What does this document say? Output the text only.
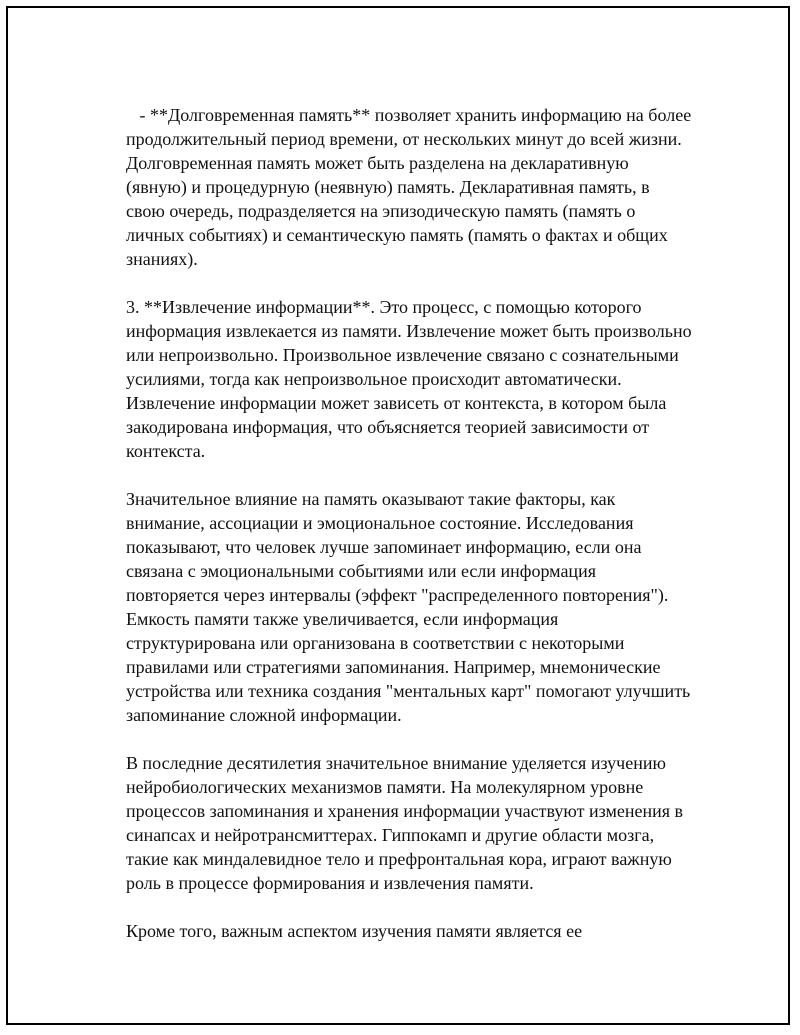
- **Долговременная память** позволяет хранить информацию на более продолжительный период времени, от нескольких минут до всей жизни. Долговременная память может быть разделена на декларативную (явную) и процедурную (неявную) память. Декларативная память, в свою очередь, подразделяется на эпизодическую память (память о личных событиях) и семантическую память (память о фактах и общих знаниях).

3. **Извлечение информации**. Это процесс, с помощью которого информация извлекается из памяти. Извлечение может быть произвольно или непроизвольно. Произвольное извлечение связано с сознательными усилиями, тогда как непроизвольное происходит автоматически. Извлечение информации может зависеть от контекста, в котором была закодирована информация, что объясняется теорией зависимости от контекста.

Значительное влияние на память оказывают такие факторы, как внимание, ассоциации и эмоциональное состояние. Исследования показывают, что человек лучше запоминает информацию, если она связана с эмоциональными событиями или если информация повторяется через интервалы (эффект "распределенного повторения"). Емкость памяти также увеличивается, если информация структурирована или организована в соответствии с некоторыми правилами или стратегиями запоминания. Например, мнемонические устройства или техника создания "ментальных карт" помогают улучшить запоминание сложной информации.

В последние десятилетия значительное внимание уделяется изучению нейробиологических механизмов памяти. На молекулярном уровне процессов запоминания и хранения информации участвуют изменения в синапсах и нейротрансмиттерах. Гиппокамп и другие области мозга, такие как миндалевидное тело и префронтальная кора, играют важную роль в процессе формирования и извлечения памяти.

Кроме того, важным аспектом изучения памяти является ее
